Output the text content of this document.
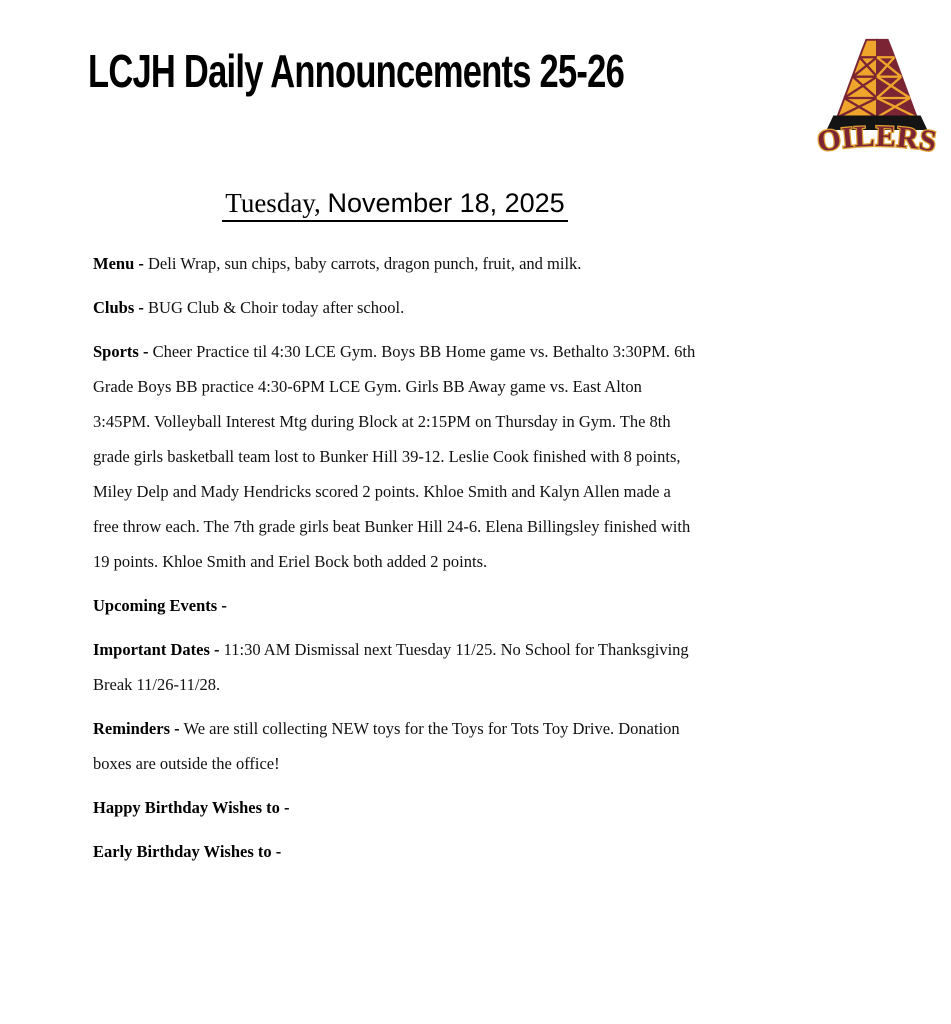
LCJH Daily Announcements 25-26
OILERS
Tuesday, November 18, 2025

Menu - Deli Wrap, sun chips, baby carrots, dragon punch, fruit, and milk.

Clubs - BUG Club & Choir today after school.

Sports - Cheer Practice til 4:30 LCE Gym. Boys BB Home game vs. Bethalto 3:30PM. 6th Grade Boys BB practice 4:30-6PM LCE Gym. Girls BB Away game vs. East Alton 3:45PM. Volleyball Interest Mtg during Block at 2:15PM on Thursday in Gym. The 8th grade girls basketball team lost to Bunker Hill 39-12. Leslie Cook finished with 8 points, Miley Delp and Mady Hendricks scored 2 points. Khloe Smith and Kalyn Allen made a free throw each. The 7th grade girls beat Bunker Hill 24-6. Elena Billingsley finished with 19 points. Khloe Smith and Eriel Bock both added 2 points.

Upcoming Events -

Important Dates - 11:30 AM Dismissal next Tuesday 11/25. No School for Thanksgiving Break 11/26-11/28.

Reminders - We are still collecting NEW toys for the Toys for Tots Toy Drive. Donation boxes are outside the office!

Happy Birthday Wishes to -

Early Birthday Wishes to -
